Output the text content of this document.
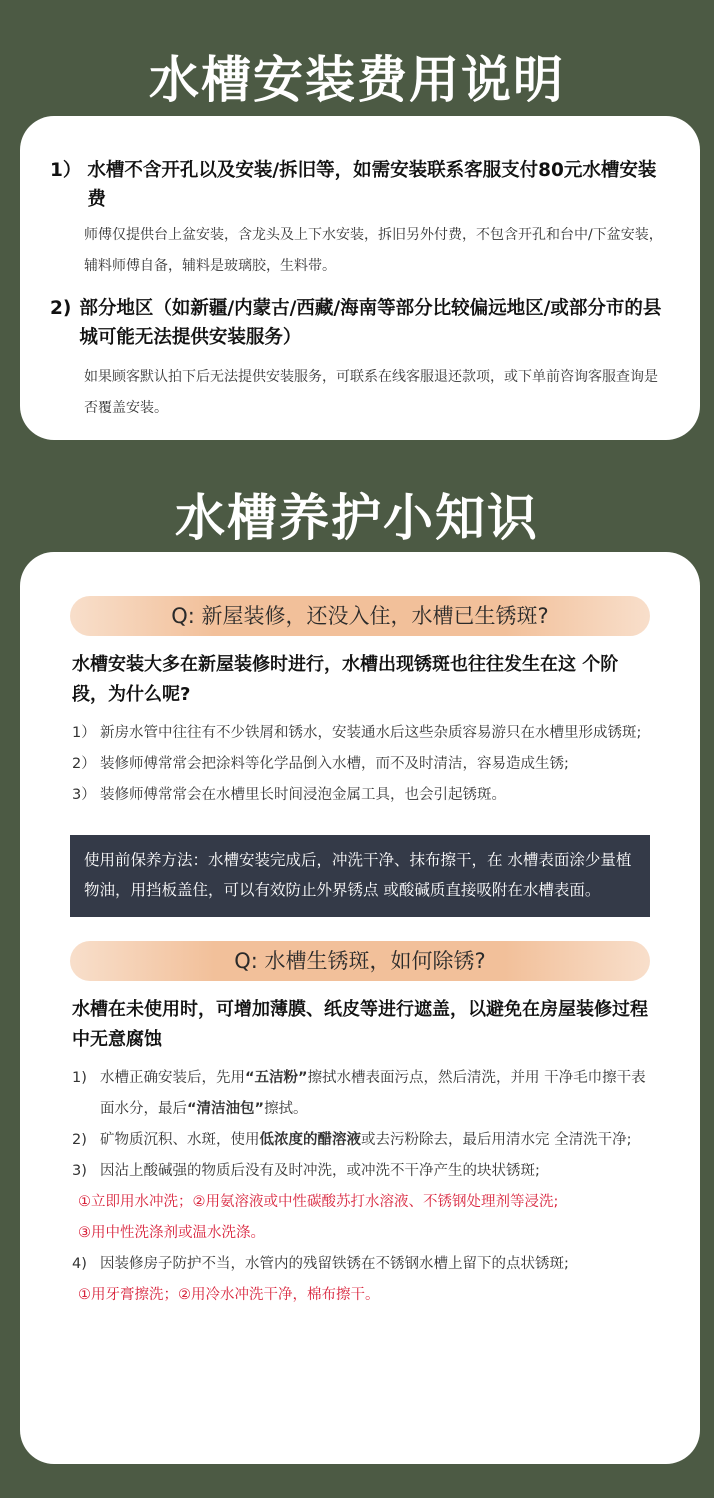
水槽安装费用说明
1） 水槽不含开孔以及安装/拆旧等，如需安装联系客服支付80元水槽安装费
师傅仅提供台上盆安装，含龙头及上下水安装，拆旧另外付费，不包含开孔和台中/下盆安装，辅料师傅自备，辅料是玻璃胶，生料带。
2) 部分地区（如新疆/内蒙古/西藏/海南等部分比较偏远地区/或部分市的县城可能无法提供安装服务）
如果顾客默认拍下后无法提供安装服务，可联系在线客服退还款项，或下单前咨询客服查询是否覆盖安装。
水槽养护小知识
Q: 新屋装修，还没入住，水槽已生锈斑?
水槽安装大多在新屋装修时进行，水槽出现锈斑也往往发生在这 个阶段，为什么呢?
1） 新房水管中往往有不少铁屑和锈水，安装通水后这些杂质容易游只在水槽里形成锈斑;
2） 装修师傅常常会把涂料等化学品倒入水槽，而不及时清洁，容易造成生锈;
3） 装修师傅常常会在水槽里长时间浸泡金属工具，也会引起锈斑。
使用前保养方法：水槽安装完成后，冲洗干净、抹布擦干，在 水槽表面涂少量植物油，用挡板盖住，可以有效防止外界锈点 或酸碱质直接吸附在水槽表面。
Q: 水槽生锈斑，如何除锈?
水槽在未使用时，可增加薄膜、纸皮等进行遮盖，以避免在房屋装修过程中无意腐蚀
1) 水槽正确安装后，先用“五洁粉”擦拭水槽表面污点，然后清洗，并用 干净毛巾擦干表面水分，最后“清洁油包”擦拭。
2) 矿物质沉积、水斑，使用低浓度的醋溶液或去污粉除去，最后用清水完 全清洗干净;
3) 因沾上酸碱强的物质后没有及时冲洗，或冲洗不干净产生的块状锈斑;
①立即用水冲洗；②用氨溶液或中性碳酸苏打水溶液、不锈钢处理剂等浸洗;
③用中性洗涤剂或温水洗涤。
4) 因装修房子防护不当，水管内的残留铁锈在不锈钢水槽上留下的点状锈斑;
①用牙膏擦洗；②用冷水冲洗干净，棉布擦干。
